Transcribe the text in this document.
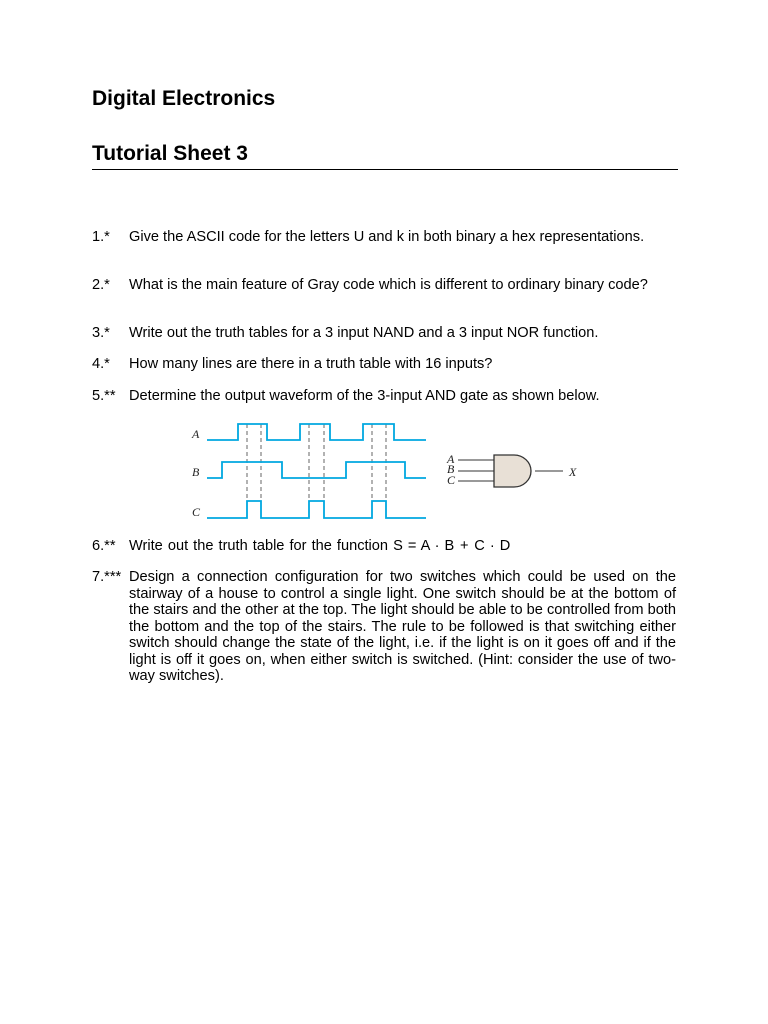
Digital Electronics
Tutorial Sheet 3
1.* Give the ASCII code for the letters U and k in both binary a hex representations.
2.* What is the main feature of Gray code which is different to ordinary binary code?
3.* Write out the truth tables for a 3 input NAND and a 3 input NOR function.
4.* How many lines are there in a truth table with 16 inputs?
5.** Determine the output waveform of the 3-input AND gate as shown below.
6.** Write out the truth table for the function S = A · B + C · D
7.*** Design a connection configuration for two switches which could be used on the stairway of a house to control a single light. One switch should be at the bottom of the stairs and the other at the top. The light should be able to be controlled from both the bottom and the top of the stairs. The rule to be followed is that switching either switch should change the state of the light, i.e. if the light is on it goes off and if the light is off it goes on, when either switch is switched. (Hint: consider the use of two-way switches).
A
B
C
A
B
C
X
